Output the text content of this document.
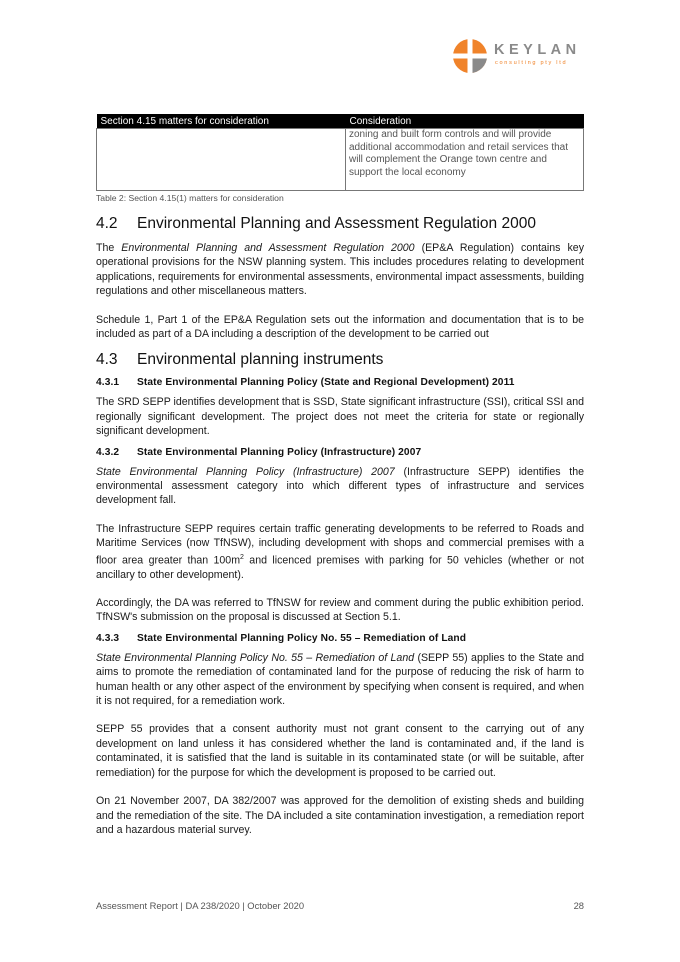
KEYLAN
consulting pty ltd
Section 4.15 matters for consideration	Consideration
	zoning and built form controls and will provide additional accommodation and retail services that will complement the Orange town centre and support the local economy
Table 2: Section 4.15(1) matters for consideration
4.2 Environmental Planning and Assessment Regulation 2000

The Environmental Planning and Assessment Regulation 2000 (EP&A Regulation) contains key operational provisions for the NSW planning system. This includes procedures relating to development applications, requirements for environmental assessments, environmental impact assessments, building regulations and other miscellaneous matters.

Schedule 1, Part 1 of the EP&A Regulation sets out the information and documentation that is to be included as part of a DA including a description of the development to be carried out

4.3 Environmental planning instruments
4.3.1 State Environmental Planning Policy (State and Regional Development) 2011

The SRD SEPP identifies development that is SSD, State significant infrastructure (SSI), critical SSI and regionally significant development. The project does not meet the criteria for state or regionally significant development.

4.3.2 State Environmental Planning Policy (Infrastructure) 2007

State Environmental Planning Policy (Infrastructure) 2007 (Infrastructure SEPP) identifies the environmental assessment category into which different types of infrastructure and services development fall.

The Infrastructure SEPP requires certain traffic generating developments to be referred to Roads and Maritime Services (now TfNSW), including development with shops and commercial premises with a floor area greater than $100m^2$ and licenced premises with parking for 50 vehicles (whether or not ancillary to other development).

Accordingly, the DA was referred to TfNSW for review and comment during the public exhibition period. TfNSW's submission on the proposal is discussed at Section 5.1.

4.3.3 State Environmental Planning Policy No. 55 – Remediation of Land

State Environmental Planning Policy No. 55 – Remediation of Land (SEPP 55) applies to the State and aims to promote the remediation of contaminated land for the purpose of reducing the risk of harm to human health or any other aspect of the environment by specifying when consent is required, and when it is not required, for a remediation work.

SEPP 55 provides that a consent authority must not grant consent to the carrying out of any development on land unless it has considered whether the land is contaminated and, if the land is contaminated, it is satisfied that the land is suitable in its contaminated state (or will be suitable, after remediation) for the purpose for which the development is proposed to be carried out.

On 21 November 2007, DA 382/2007 was approved for the demolition of existing sheds and building and the remediation of the site. The DA included a site contamination investigation, a remediation report and a hazardous material survey.

Assessment Report | DA 238/2020 | October 2020	28
